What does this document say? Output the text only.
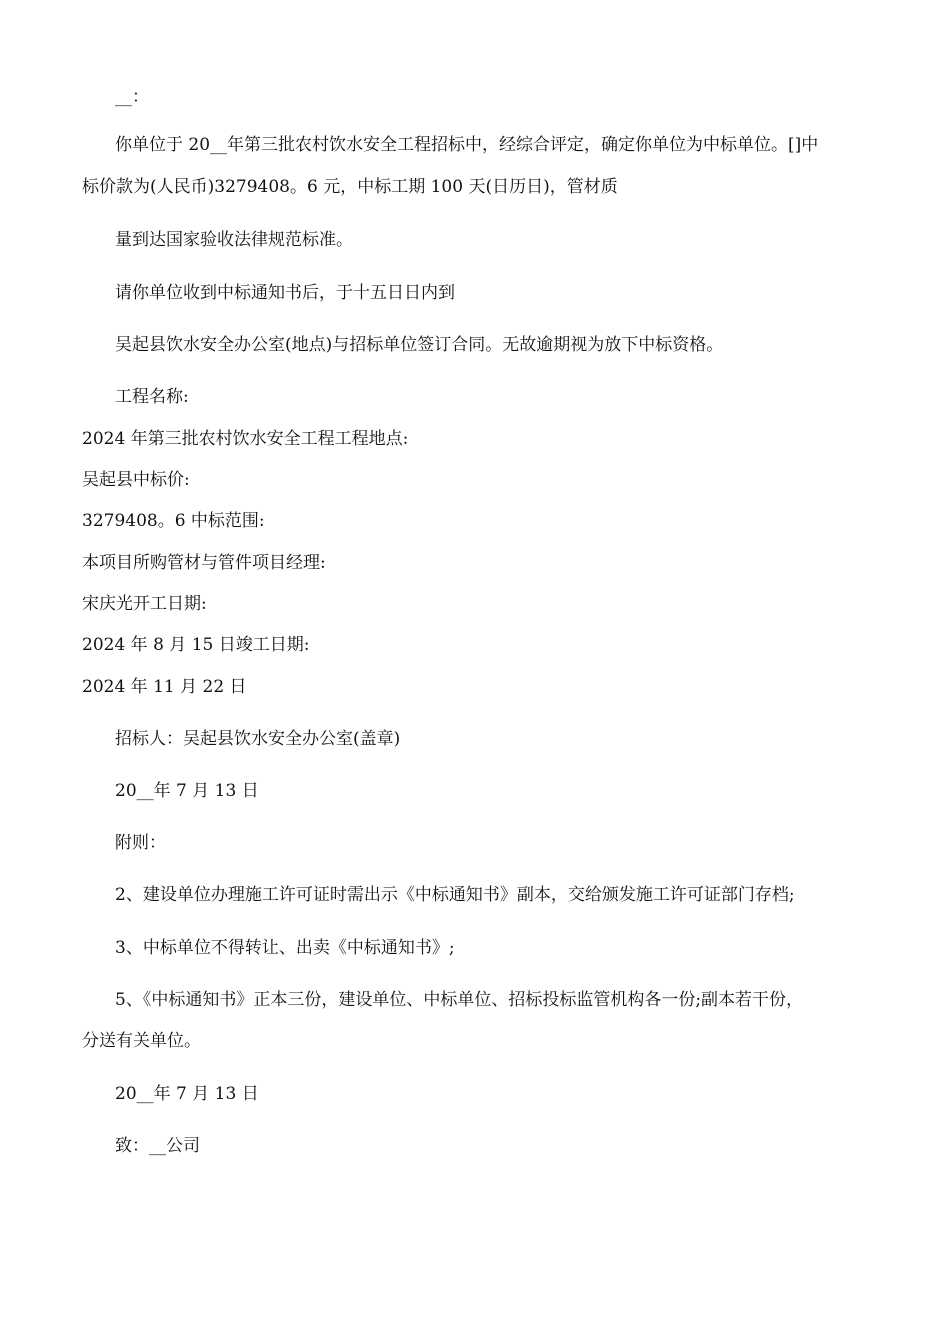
__：
你单位于 20__年第三批农村饮水安全工程招标中，经综合评定，确定你单位为中标单位。[]中
标价款为(人民币)3279408。6 元，中标工期 100 天(日历日)，管材质
量到达国家验收法律规范标准。
请你单位收到中标通知书后，于十五日日内到
吴起县饮水安全办公室(地点)与招标单位签订合同。无故逾期视为放下中标资格。
工程名称:
2024 年第三批农村饮水安全工程工程地点:
吴起县中标价:
3279408。6 中标范围:
本项目所购管材与管件项目经理:
宋庆光开工日期:
2024 年 8 月 15 日竣工日期:
2024 年 11 月 22 日
招标人：吴起县饮水安全办公室(盖章)
20__年 7 月 13 日
附则：
2、建设单位办理施工许可证时需出示《中标通知书》副本，交给颁发施工许可证部门存档;
3、中标单位不得转让、出卖《中标通知书》;
5、《中标通知书》正本三份，建设单位、中标单位、招标投标监管机构各一份;副本若干份，
分送有关单位。
20__年 7 月 13 日
致：__公司
